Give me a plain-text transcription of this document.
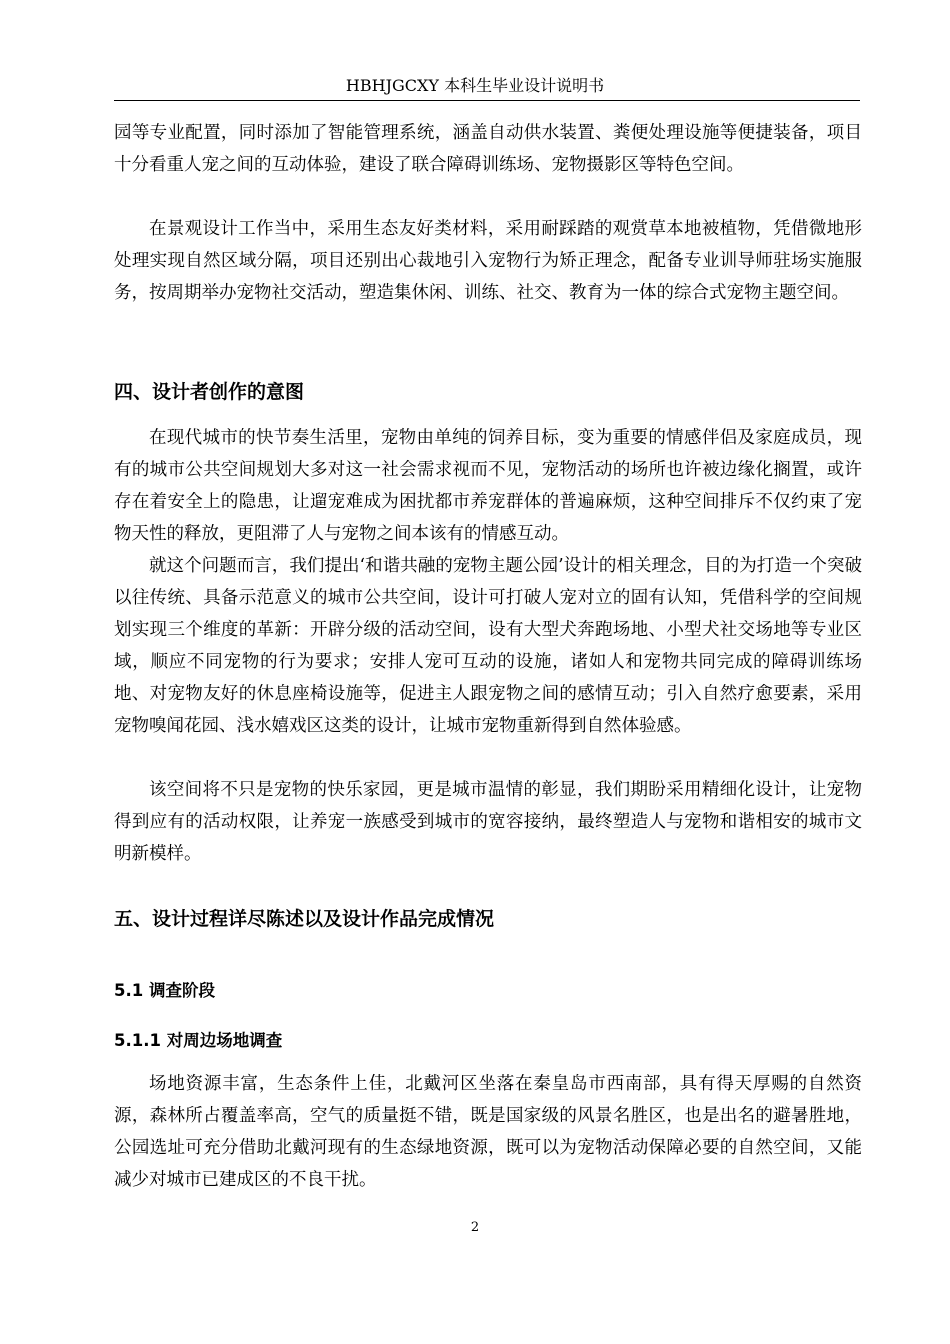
HBHJGCXY 本科生毕业设计说明书

园等专业配置，同时添加了智能管理系统，涵盖自动供水装置、粪便处理设施等便捷装备，项目十分看重人宠之间的互动体验，建设了联合障碍训练场、宠物摄影区等特色空间。

在景观设计工作当中，采用生态友好类材料，采用耐踩踏的观赏草本地被植物，凭借微地形处理实现自然区域分隔，项目还别出心裁地引入宠物行为矫正理念，配备专业训导师驻场实施服务，按周期举办宠物社交活动，塑造集休闲、训练、社交、教育为一体的综合式宠物主题空间。

四、设计者创作的意图

在现代城市的快节奏生活里，宠物由单纯的饲养目标，变为重要的情感伴侣及家庭成员，现有的城市公共空间规划大多对这一社会需求视而不见，宠物活动的场所也许被边缘化搁置，或许存在着安全上的隐患，让遛宠难成为困扰都市养宠群体的普遍麻烦，这种空间排斥不仅约束了宠物天性的释放，更阻滞了人与宠物之间本该有的情感互动。

就这个问题而言，我们提出‘和谐共融的宠物主题公园’设计的相关理念，目的为打造一个突破以往传统、具备示范意义的城市公共空间，设计可打破人宠对立的固有认知，凭借科学的空间规划实现三个维度的革新：开辟分级的活动空间，设有大型犬奔跑场地、小型犬社交场地等专业区域，顺应不同宠物的行为要求；安排人宠可互动的设施，诸如人和宠物共同完成的障碍训练场地、对宠物友好的休息座椅设施等，促进主人跟宠物之间的感情互动；引入自然疗愈要素，采用宠物嗅闻花园、浅水嬉戏区这类的设计，让城市宠物重新得到自然体验感。

该空间将不只是宠物的快乐家园，更是城市温情的彰显，我们期盼采用精细化设计，让宠物得到应有的活动权限，让养宠一族感受到城市的宽容接纳，最终塑造人与宠物和谐相安的城市文明新模样。

五、设计过程详尽陈述以及设计作品完成情况
5.1 调查阶段
5.1.1 对周边场地调查

场地资源丰富，生态条件上佳，北戴河区坐落在秦皇岛市西南部，具有得天厚赐的自然资源，森林所占覆盖率高，空气的质量挺不错，既是国家级的风景名胜区，也是出名的避暑胜地，公园选址可充分借助北戴河现有的生态绿地资源，既可以为宠物活动保障必要的自然空间，又能减少对城市已建成区的不良干扰。

2
